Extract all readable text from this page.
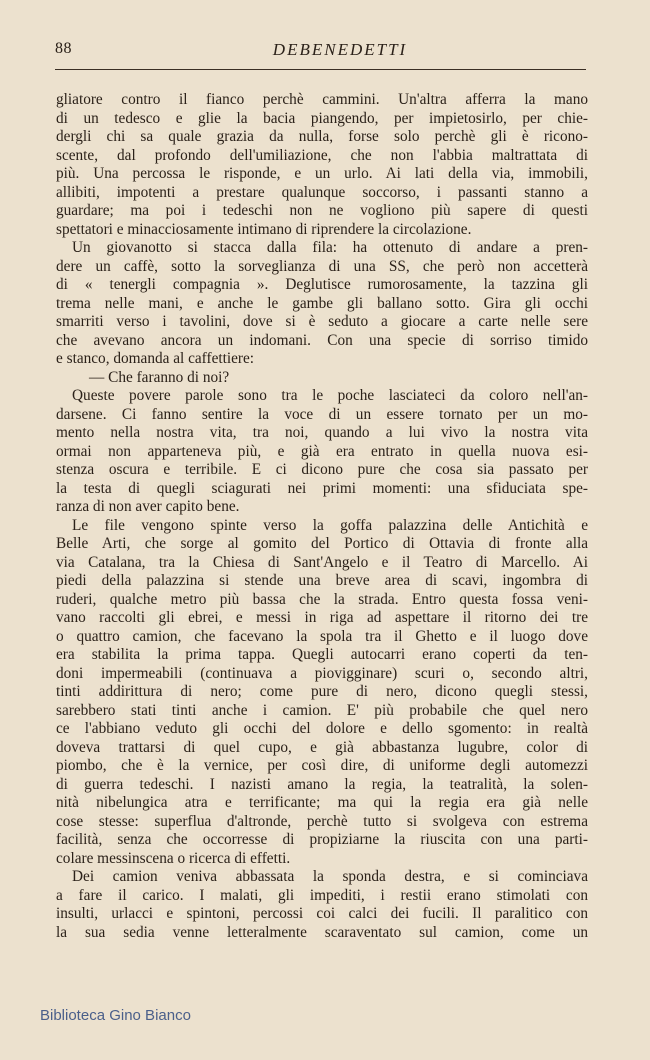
88	DEBENEDETTI
gliatore contro il fianco perchè cammini. Un'altra afferra la mano
di un tedesco e glie la bacia piangendo, per impietosirlo, per chie-
dergli chi sa quale grazia da nulla, forse solo perchè gli è ricono-
scente, dal profondo dell'umiliazione, che non l'abbia maltrattata di
più. Una percossa le risponde, e un urlo. Ai lati della via, immobili,
allibiti, impotenti a prestare qualunque soccorso, i passanti stanno a
guardare; ma poi i tedeschi non ne vogliono più sapere di questi
spettatori e minacciosamente intimano di riprendere la circolazione.
Un giovanotto si stacca dalla fila: ha ottenuto di andare a pren-
dere un caffè, sotto la sorveglianza di una SS, che però non accetterà
di « tenergli compagnia ». Deglutisce rumorosamente, la tazzina gli
trema nelle mani, e anche le gambe gli ballano sotto. Gira gli occhi
smarriti verso i tavolini, dove si è seduto a giocare a carte nelle sere
che avevano ancora un indomani. Con una specie di sorriso timido
e stanco, domanda al caffettiere:
— Che faranno di noi?
Queste povere parole sono tra le poche lasciateci da coloro nell'an-
darsene. Ci fanno sentire la voce di un essere tornato per un mo-
mento nella nostra vita, tra noi, quando a lui vivo la nostra vita
ormai non apparteneva più, e già era entrato in quella nuova esi-
stenza oscura e terribile. E ci dicono pure che cosa sia passato per
la testa di quegli sciagurati nei primi momenti: una sfiduciata spe-
ranza di non aver capito bene.
Le file vengono spinte verso la goffa palazzina delle Antichità e
Belle Arti, che sorge al gomito del Portico di Ottavia di fronte alla
via Catalana, tra la Chiesa di Sant'Angelo e il Teatro di Marcello. Ai
piedi della palazzina si stende una breve area di scavi, ingombra di
ruderi, qualche metro più bassa che la strada. Entro questa fossa veni-
vano raccolti gli ebrei, e messi in riga ad aspettare il ritorno dei tre
o quattro camion, che facevano la spola tra il Ghetto e il luogo dove
era stabilita la prima tappa. Quegli autocarri erano coperti da ten-
doni impermeabili (continuava a piovigginare) scuri o, secondo altri,
tinti addirittura di nero; come pure di nero, dicono quegli stessi,
sarebbero stati tinti anche i camion. E' più probabile che quel nero
ce l'abbiano veduto gli occhi del dolore e dello sgomento: in realtà
doveva trattarsi di quel cupo, e già abbastanza lugubre, color di
piombo, che è la vernice, per così dire, di uniforme degli automezzi
di guerra tedeschi. I nazisti amano la regia, la teatralità, la solen-
nità nibelungica atra e terrificante; ma qui la regia era già nelle
cose stesse: superflua d'altronde, perchè tutto si svolgeva con estrema
facilità, senza che occorresse di propiziarne la riuscita con una parti-
colare messinscena o ricerca di effetti.
Dei camion veniva abbassata la sponda destra, e si cominciava
a fare il carico. I malati, gli impediti, i restii erano stimolati con
insulti, urlacci e spintoni, percossi coi calci dei fucili. Il paralitico con
la sua sedia venne letteralmente scaraventato sul camion, come un
Biblioteca Gino Bianco
